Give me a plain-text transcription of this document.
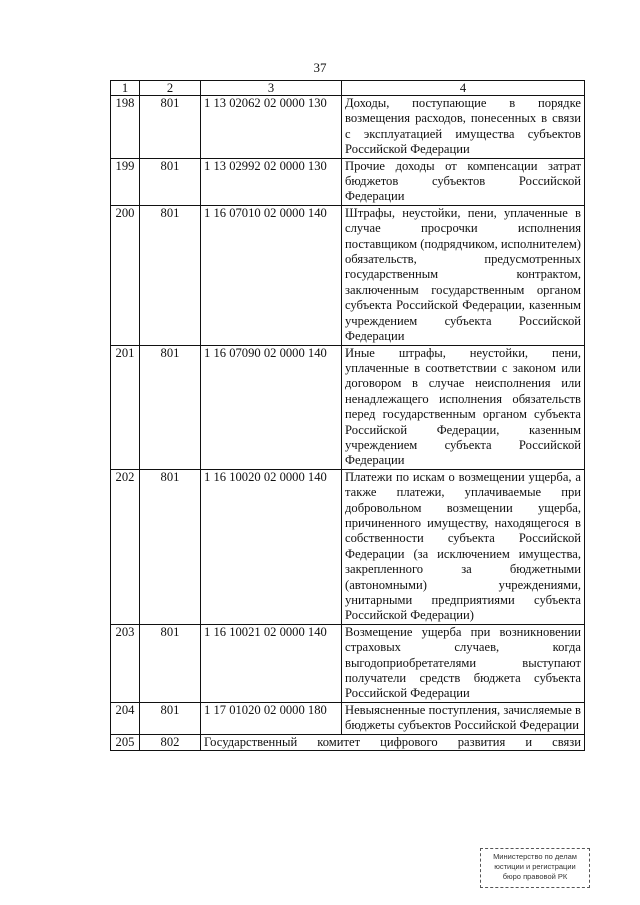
37
1	2	3	4
198	801	1 13 02062 02 0000 130	Доходы, поступающие в порядке возмещения расходов, понесенных в связи с эксплуатацией имущества субъектов Российской Федерации
199	801	1 13 02992 02 0000 130	Прочие доходы от компенсации затрат бюджетов субъектов Российской Федерации
200	801	1 16 07010 02 0000 140	Штрафы, неустойки, пени, уплаченные в случае просрочки исполнения поставщиком (подрядчиком, исполнителем) обязательств, предусмотренных государственным контрактом, заключенным государственным органом субъекта Российской Федерации, казенным учреждением субъекта Российской Федерации
201	801	1 16 07090 02 0000 140	Иные штрафы, неустойки, пени, уплаченные в соответствии с законом или договором в случае неисполнения или ненадлежащего исполнения обязательств перед государственным органом субъекта Российской Федерации, казенным учреждением субъекта Российской Федерации
202	801	1 16 10020 02 0000 140	Платежи по искам о возмещении ущерба, а также платежи, уплачиваемые при добровольном возмещении ущерба, причиненного имуществу, находящегося в собственности субъекта Российской Федерации (за исключением имущества, закрепленного за бюджетными (автономными) учреждениями, унитарными предприятиями субъекта Российской Федерации)
203	801	1 16 10021 02 0000 140	Возмещение ущерба при возникновении страховых случаев, когда выгодоприобретателями выступают получатели средств бюджета субъекта Российской Федерации
204	801	1 17 01020 02 0000 180	Невыясненные поступления, зачисляемые в бюджеты субъектов Российской Федерации
205	802	Государственный комитет цифрового развития и связи	
Министерство по делам
юстиции и регистрации
бюро правовой РК
